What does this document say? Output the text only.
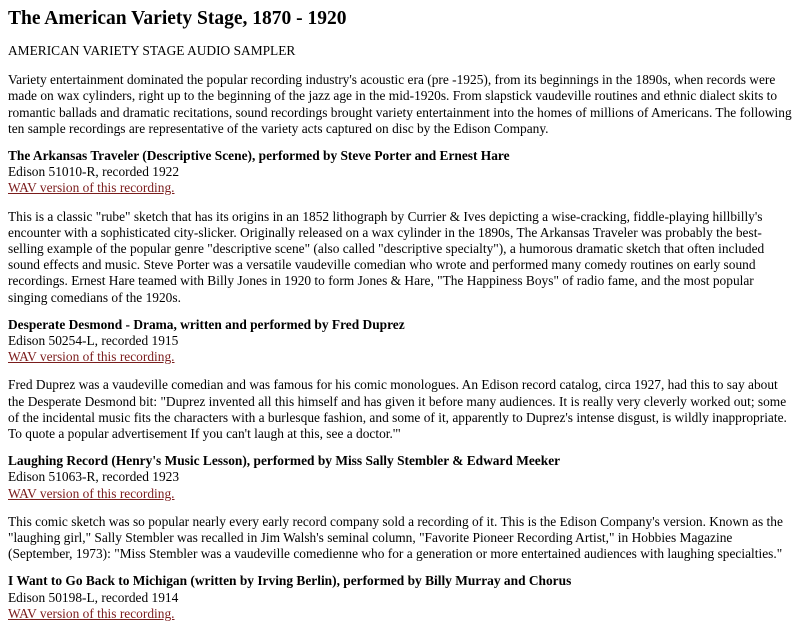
The American Variety Stage, 1870 - 1920

AMERICAN VARIETY STAGE AUDIO SAMPLER

Variety entertainment dominated the popular recording industry's acoustic era (pre -1925), from its beginnings in the 1890s, when records were made on wax cylinders, right up to the beginning of the jazz age in the mid-1920s. From slapstick vaudeville routines and ethnic dialect skits to romantic ballads and dramatic recitations, sound recordings brought variety entertainment into the homes of millions of Americans. The following ten sample recordings are representative of the variety acts captured on disc by the Edison Company.

The Arkansas Traveler (Descriptive Scene), performed by Steve Porter and Ernest Hare
Edison 51010-R, recorded 1922
WAV version of this recording.

This is a classic "rube" sketch that has its origins in an 1852 lithograph by Currier & Ives depicting a wise-cracking, fiddle-playing hillbilly's encounter with a sophisticated city-slicker. Originally released on a wax cylinder in the 1890s, The Arkansas Traveler was probably the best-selling example of the popular genre "descriptive scene" (also called "descriptive specialty"), a humorous dramatic sketch that often included sound effects and music. Steve Porter was a versatile vaudeville comedian who wrote and performed many comedy routines on early sound recordings. Ernest Hare teamed with Billy Jones in 1920 to form Jones & Hare, "The Happiness Boys" of radio fame, and the most popular singing comedians of the 1920s.

Desperate Desmond - Drama, written and performed by Fred Duprez
Edison 50254-L, recorded 1915
WAV version of this recording.

Fred Duprez was a vaudeville comedian and was famous for his comic monologues. An Edison record catalog, circa 1927, had this to say about the Desperate Desmond bit: "Duprez invented all this himself and has given it before many audiences. It is really very cleverly worked out; some of the incidental music fits the characters with a burlesque fashion, and some of it, apparently to Duprez's intense disgust, is wildly inappropriate. To quote a popular advertisement If you can't laugh at this, see a doctor.'"

Laughing Record (Henry's Music Lesson), performed by Miss Sally Stembler & Edward Meeker
Edison 51063-R, recorded 1923
WAV version of this recording.

This comic sketch was so popular nearly every early record company sold a recording of it. This is the Edison Company's version. Known as the "laughing girl," Sally Stembler was recalled in Jim Walsh's seminal column, "Favorite Pioneer Recording Artist," in Hobbies Magazine (September, 1973): "Miss Stembler was a vaudeville comedienne who for a generation or more entertained audiences with laughing specialties."

I Want to Go Back to Michigan (written by Irving Berlin), performed by Billy Murray and Chorus
Edison 50198-L, recorded 1914
WAV version of this recording.
